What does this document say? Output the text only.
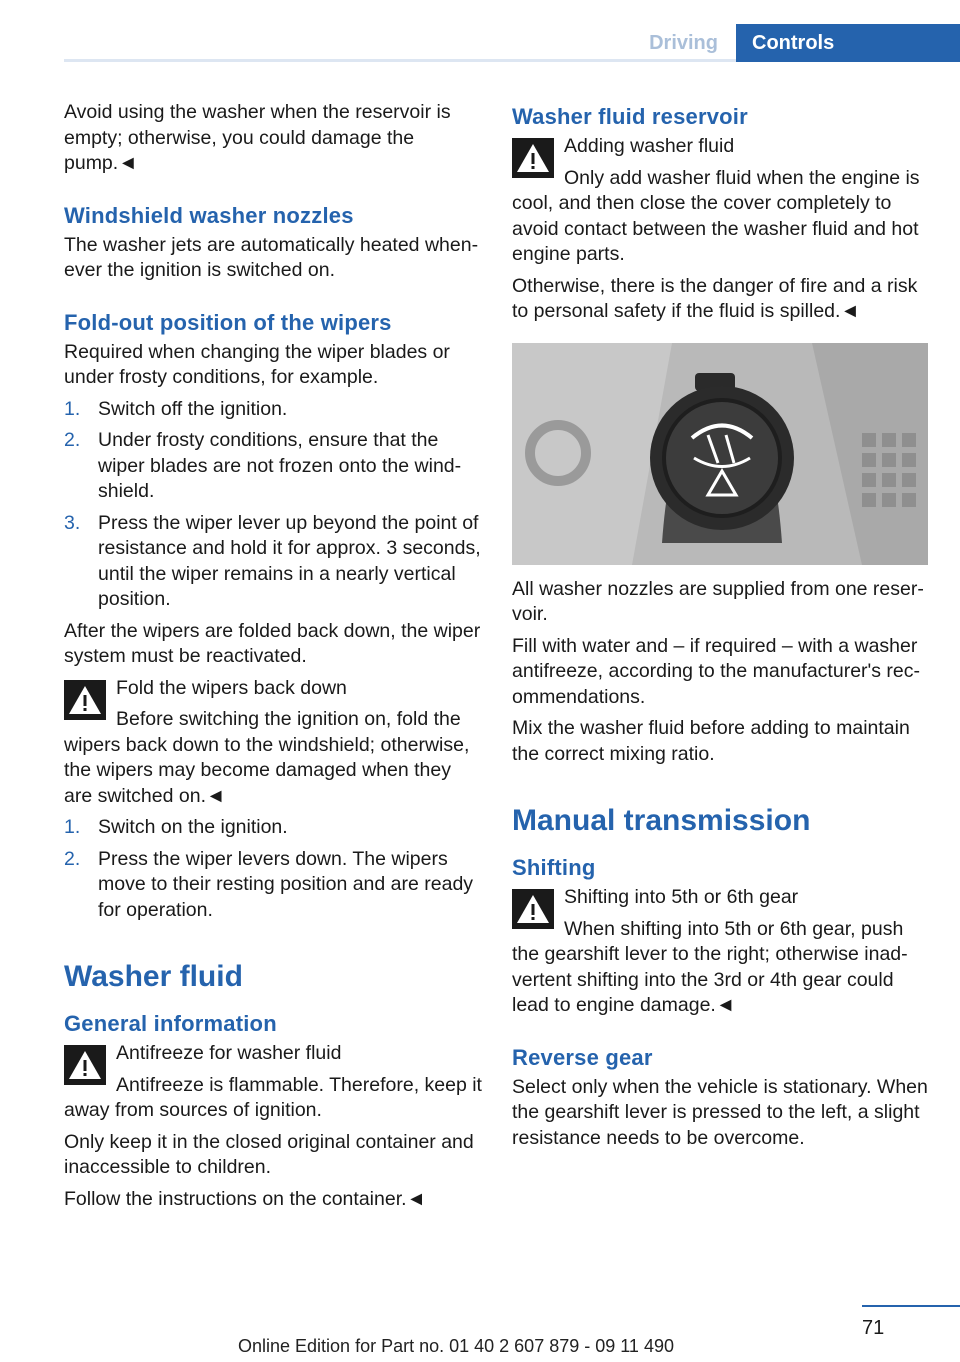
Driving	Controls

Avoid using the washer when the reservoir is empty; otherwise, you could damage the pump.◄

Windshield washer nozzles

The washer jets are automatically heated whenever the ignition is switched on.

Fold-out position of the wipers

Required when changing the wiper blades or under frosty conditions, for example.

1. Switch off the ignition.
2. Under frosty conditions, ensure that the wiper blades are not frozen onto the windshield.
3. Press the wiper lever up beyond the point of resistance and hold it for approx. 3 seconds, until the wiper remains in a nearly vertical position.

After the wipers are folded back down, the wiper system must be reactivated.

Fold the wipers back down

Before switching the ignition on, fold the wipers back down to the windshield; otherwise, the wipers may become damaged when they are switched on.◄

1. Switch on the ignition.
2. Press the wiper levers down. The wipers move to their resting position and are ready for operation.
Washer fluid
General information

Antifreeze for washer fluid

Antifreeze is flammable. Therefore, keep it away from sources of ignition.

Only keep it in the closed original container and inaccessible to children.

Follow the instructions on the container.◄

Washer fluid reservoir

Adding washer fluid

Only add washer fluid when the engine is cool, and then close the cover completely to avoid contact between the washer fluid and hot engine parts.

Otherwise, there is the danger of fire and a risk to personal safety if the fluid is spilled.◄

All washer nozzles are supplied from one reservoir.

Fill with water and – if required – with a washer antifreeze, according to the manufacturer's recommendations.

Mix the washer fluid before adding to maintain the correct mixing ratio.

Manual transmission
Shifting

Shifting into 5th or 6th gear

When shifting into 5th or 6th gear, push the gearshift lever to the right; otherwise inadvertent shifting into the 3rd or 4th gear could lead to engine damage.◄

Reverse gear

Select only when the vehicle is stationary. When the gearshift lever is pressed to the left, a slight resistance needs to be overcome.

71
Online Edition for Part no. 01 40 2 607 879 - 09 11 490
